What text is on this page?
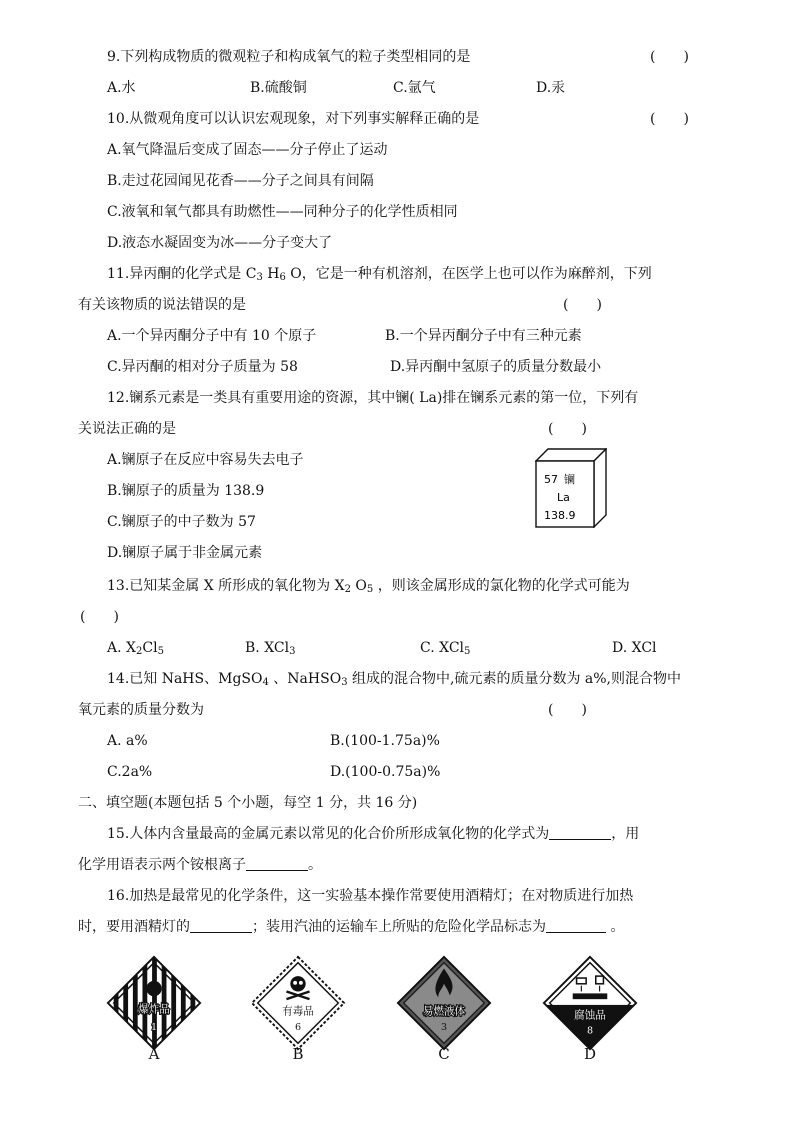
9.下列构成物质的微观粒子和构成氧气的粒子类型相同的是	(　　)
A.水	B.硫酸铜	C.氩气	D.汞
10.从微观角度可以认识宏观现象，对下列事实解释正确的是	(　　)
A.氧气降温后变成了固态——分子停止了运动
B.走过花园闻见花香——分子之间具有间隔
C.液氧和氧气都具有助燃性——同种分子的化学性质相同
D.液态水凝固变为冰——分子变大了
11.异丙酮的化学式是 $C_3$ $H_6$ O，它是一种有机溶剂，在医学上也可以作为麻醉剂，下列
有关该物质的说法错误的是	(　　)
A.一个异丙酮分子中有 10 个原子	B.一个异丙酮分子中有三种元素
C.异丙酮的相对分子质量为 58	D.异丙酮中氢原子的质量分数最小
12.镧系元素是一类具有重要用途的资源，其中镧( La)排在镧系元素的第一位，下列有
关说法正确的是	(　　)
A.镧原子在反应中容易失去电子
B.镧原子的质量为 138.9
C.镧原子的中子数为 57
D.镧原子属于非金属元素
57 镧
La
138.9
13.已知某金属 X 所形成的氧化物为 $X_2$ $O_5$ ，则该金属形成的氯化物的化学式可能为
(　　)
A. $X_2Cl_5$	B. XCl$_3$	C. XCl$_5$	D. XCl
14.已知 NaHS、MgSO$_4$ 、NaHSO$_3$ 组成的混合物中,硫元素的质量分数为 a%,则混合物中
氧元素的质量分数为	(　　)
A. a%	B.(100-1.75a)%
C.2a%	D.(100-0.75a)%
二、填空题(本题包括 5 个小题，每空 1 分，共 16 分)
15.人体内含量最高的金属元素以常见的化合价所形成氧化物的化学式为	，用
化学用语表示两个铵根离子	。
16.加热是最常见的化学条件，这一实验基本操作常要使用酒精灯；在对物质进行加热
时，要用酒精灯的	；装用汽油的运输车上所贴的危险化学品标志为	。
爆炸品
1
A
有毒品
6
B
易燃液体
3
C
腐蚀品
8
D
